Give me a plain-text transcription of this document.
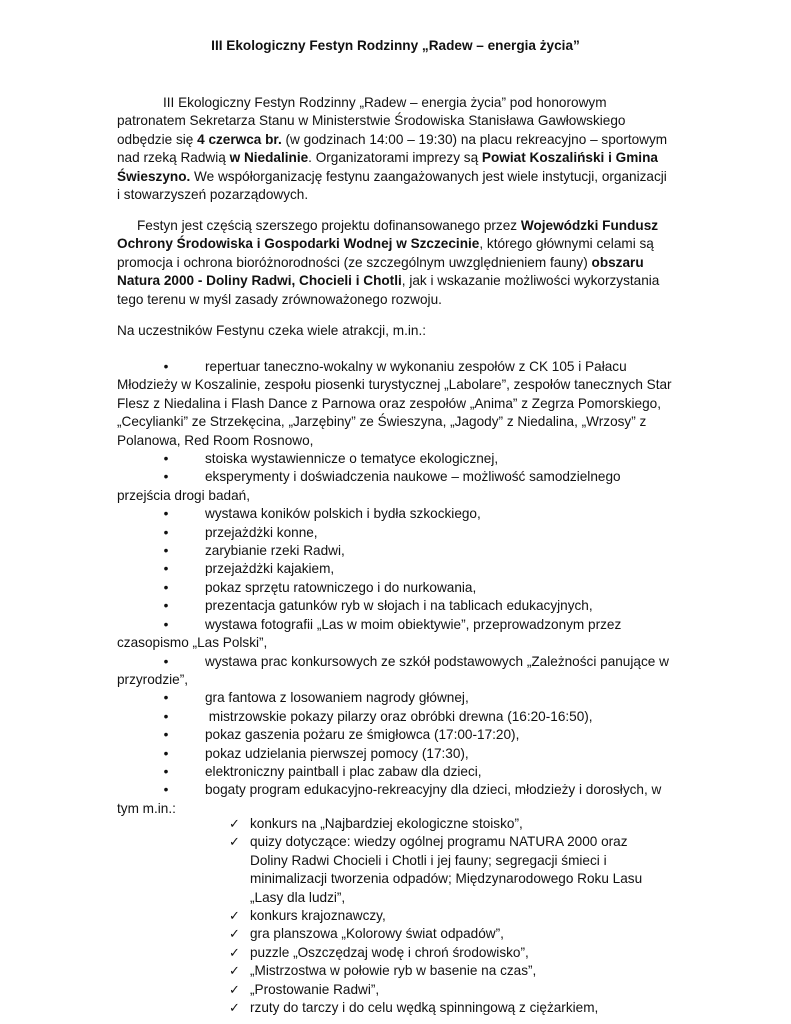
III Ekologiczny Festyn Rodzinny „Radew – energia życia”

III Ekologiczny Festyn Rodzinny „Radew – energia życia” pod honorowym patronatem Sekretarza Stanu w Ministerstwie Środowiska Stanisława Gawłowskiego odbędzie się 4 czerwca br. (w godzinach 14:00 – 19:30) na placu rekreacyjno – sportowym nad rzeką Radwią w Niedalinie. Organizatorami imprezy są Powiat Koszaliński i Gmina Świeszyno. We współorganizację festynu zaangażowanych jest wiele instytucji, organizacji i stowarzyszeń pozarządowych.

Festyn jest częścią szerszego projektu dofinansowanego przez Wojewódzki Fundusz Ochrony Środowiska i Gospodarki Wodnej w Szczecinie, którego głównymi celami są promocja i ochrona bioróżnorodności (ze szczególnym uwzględnieniem fauny) obszaru Natura 2000 - Doliny Radwi, Chocieli i Chotli, jak i wskazanie możliwości wykorzystania tego terenu w myśl zasady zrównoważonego rozwoju.

Na uczestników Festynu czeka wiele atrakcji, m.in.:

•	repertuar taneczno-wokalny w wykonaniu zespołów z CK 105 i Pałacu Młodzieży w Koszalinie, zespołu piosenki turystycznej „Labolare”, zespołów tanecznych Star Flesz z Niedalina i Flash Dance z Parnowa oraz zespołów „Anima” z Zegrza Pomorskiego, „Cecylianki” ze Strzekęcina, „Jarzębiny” ze Świeszyna, „Jagody” z Niedalina, „Wrzosy” z Polanowa, Red Room Rosnowo,
•	stoiska wystawiennicze o tematyce ekologicznej,
•	eksperymenty i doświadczenia naukowe – możliwość samodzielnego przejścia drogi badań,
•	wystawa koników polskich i bydła szkockiego,
•	przejażdżki konne,
•	zarybianie rzeki Radwi,
•	przejażdżki kajakiem,
•	pokaz sprzętu ratowniczego i do nurkowania,
•	prezentacja gatunków ryb w słojach i na tablicach edukacyjnych,
•	wystawa fotografii „Las w moim obiektywie”, przeprowadzonym przez czasopismo „Las Polski”,
•	wystawa prac konkursowych ze szkół podstawowych „Zależności panujące w przyrodzie”,
•	gra fantowa z losowaniem nagrody głównej,
•	mistrzowskie pokazy pilarzy oraz obróbki drewna (16:20-16:50),
•	pokaz gaszenia pożaru ze śmigłowca (17:00-17:20),
•	pokaz udzielania pierwszej pomocy (17:30),
•	elektroniczny paintball i plac zabaw dla dzieci,
•	bogaty program edukacyjno-rekreacyjny dla dzieci, młodzieży i dorosłych, w tym m.in.:
✓ konkurs na „Najbardziej ekologiczne stoisko”,
✓ quizy dotyczące: wiedzy ogólnej programu NATURA 2000 oraz Doliny Radwi Chocieli i Chotli i jej fauny; segregacji śmieci i minimalizacji tworzenia odpadów; Międzynarodowego Roku Lasu „Lasy dla ludzi”,
✓ konkurs krajoznawczy,
✓ gra planszowa „Kolorowy świat odpadów”,
✓ puzzle „Oszczędzaj wodę i chroń środowisko”,
✓ „Mistrzostwa w połowie ryb w basenie na czas”,
✓ „Prostowanie Radwi”,
✓ rzuty do tarczy i do celu wędką spinningową z ciężarkiem,
